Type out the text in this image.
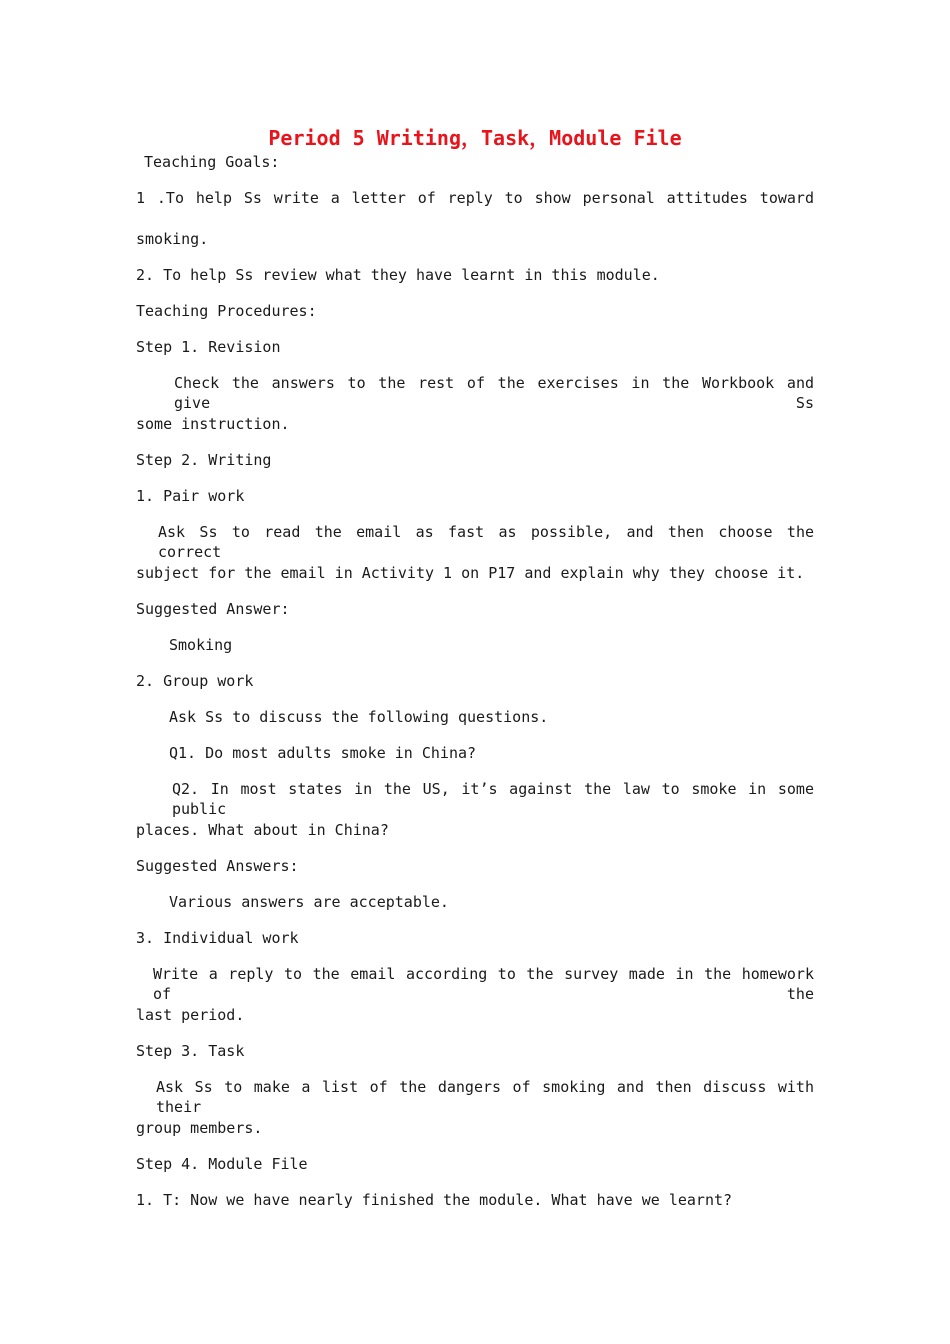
Period 5 Writing，Task，Module File
Teaching Goals:
1 .To help Ss write a letter of reply to show personal attitudes toward
smoking.
2. To help Ss review what they have learnt in this module.
Teaching Procedures:
Step 1. Revision
Check the answers to the rest of the exercises in the Workbook and give Ss
some instruction.
Step 2. Writing
1. Pair work
Ask Ss to read the email as fast as possible, and then choose the correct
subject for the email in Activity 1 on P17 and explain why they choose it.
Suggested Answer:
Smoking
2. Group work
Ask Ss to discuss the following questions.
Q1. Do most adults smoke in China?
Q2. In most states in the US, it’s against the law to smoke in some public
places. What about in China?
Suggested Answers:
Various answers are acceptable.
3. Individual work
Write a reply to the email according to the survey made in the homework of the
last period.
Step 3. Task
Ask Ss to make a list of the dangers of smoking and then discuss with their
group members.
Step 4. Module File
1. T: Now we have nearly finished the module. What have we learnt?
